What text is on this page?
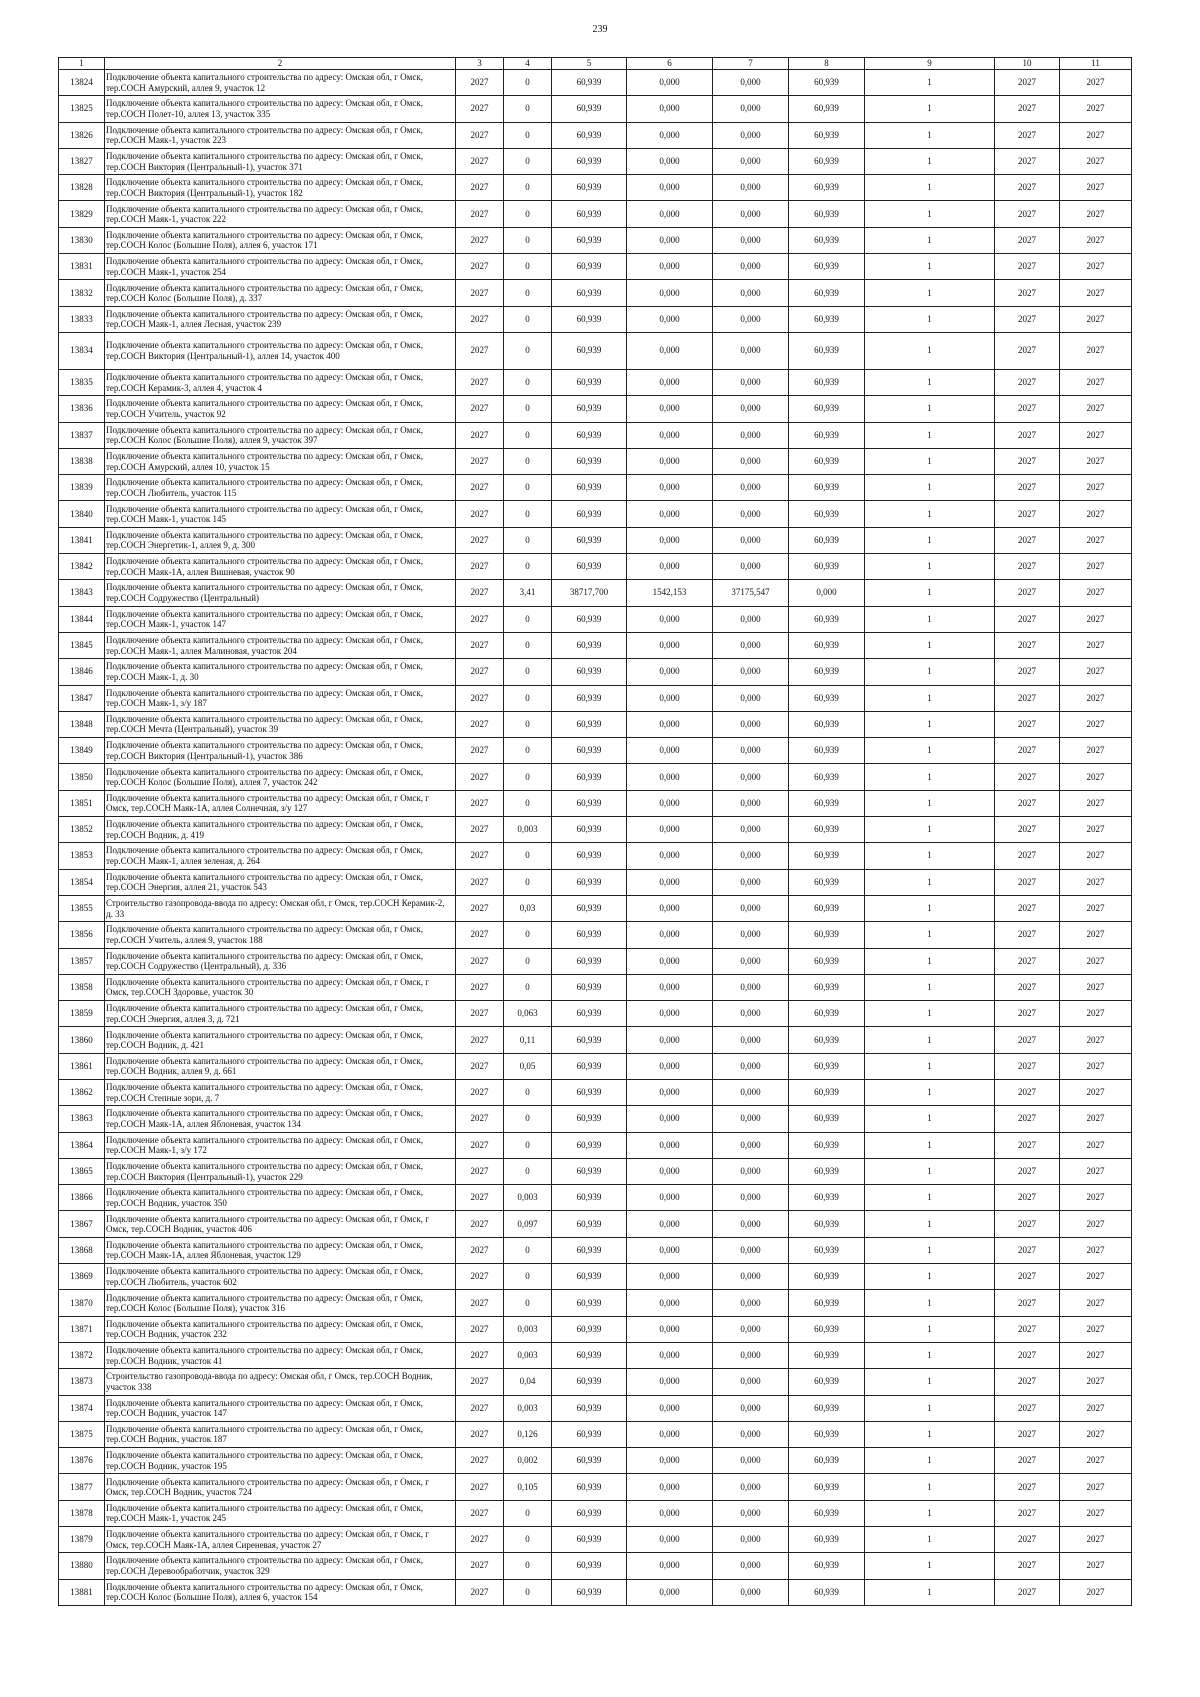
239
1	2	3	4	5	6	7	8	9	10	11
13824	Подключение объекта капитального строительства по адресу: Омская обл, г Омск, тер.СОСН Амурский, аллея 9, участок 12	2027	0	60,939	0,000	0,000	60,939	1	2027	2027
13825	Подключение объекта капитального строительства по адресу: Омская обл, г Омск, тер.СОСН Полет-10, аллея 13, участок 335	2027	0	60,939	0,000	0,000	60,939	1	2027	2027
13826	Подключение объекта капитального строительства по адресу: Омская обл, г Омск, тер.СОСН Маяк-1, участок 223	2027	0	60,939	0,000	0,000	60,939	1	2027	2027
13827	Подключение объекта капитального строительства по адресу: Омская обл, г Омск, тер.СОСН Виктория (Центральный-1), участок 371	2027	0	60,939	0,000	0,000	60,939	1	2027	2027
13828	Подключение объекта капитального строительства по адресу: Омская обл, г Омск, тер.СОСН Виктория (Центральный-1), участок 182	2027	0	60,939	0,000	0,000	60,939	1	2027	2027
13829	Подключение объекта капитального строительства по адресу: Омская обл, г Омск, тер.СОСН Маяк-1, участок 222	2027	0	60,939	0,000	0,000	60,939	1	2027	2027
13830	Подключение объекта капитального строительства по адресу: Омская обл, г Омск, тер.СОСН Колос (Большие Поля), аллея 6, участок 171	2027	0	60,939	0,000	0,000	60,939	1	2027	2027
13831	Подключение объекта капитального строительства по адресу: Омская обл, г Омск, тер.СОСН Маяк-1, участок 254	2027	0	60,939	0,000	0,000	60,939	1	2027	2027
13832	Подключение объекта капитального строительства по адресу: Омская обл, г Омск, тер.СОСН Колос (Большие Поля), д. 337	2027	0	60,939	0,000	0,000	60,939	1	2027	2027
13833	Подключение объекта капитального строительства по адресу: Омская обл, г Омск, тер.СОСН Маяк-1, аллея Лесная, участок 239	2027	0	60,939	0,000	0,000	60,939	1	2027	2027
13834	Подключение объекта капитального строительства по адресу: Омская обл, г Омск, тер.СОСН Виктория (Центральный-1), аллея 14, участок 400	2027	0	60,939	0,000	0,000	60,939	1	2027	2027
13835	Подключение объекта капитального строительства по адресу: Омская обл, г Омск, тер.СОСН Керамик-3, аллея 4, участок 4	2027	0	60,939	0,000	0,000	60,939	1	2027	2027
13836	Подключение объекта капитального строительства по адресу: Омская обл, г Омск, тер.СОСН Учитель, участок 92	2027	0	60,939	0,000	0,000	60,939	1	2027	2027
13837	Подключение объекта капитального строительства по адресу: Омская обл, г Омск, тер.СОСН Колос (Большие Поля), аллея 9, участок 397	2027	0	60,939	0,000	0,000	60,939	1	2027	2027
13838	Подключение объекта капитального строительства по адресу: Омская обл, г Омск, тер.СОСН Амурский, аллея 10, участок 15	2027	0	60,939	0,000	0,000	60,939	1	2027	2027
13839	Подключение объекта капитального строительства по адресу: Омская обл, г Омск, тер.СОСН Любитель, участок 115	2027	0	60,939	0,000	0,000	60,939	1	2027	2027
13840	Подключение объекта капитального строительства по адресу: Омская обл, г Омск, тер.СОСН Маяк-1, участок 145	2027	0	60,939	0,000	0,000	60,939	1	2027	2027
13841	Подключение объекта капитального строительства по адресу: Омская обл, г Омск, тер.СОСН Энергетик-1, аллея 9, д. 300	2027	0	60,939	0,000	0,000	60,939	1	2027	2027
13842	Подключение объекта капитального строительства по адресу: Омская обл, г Омск, тер.СОСН Маяк-1А, аллея Вишневая, участок 90	2027	0	60,939	0,000	0,000	60,939	1	2027	2027
13843	Подключение объекта капитального строительства по адресу: Омская обл, г Омск, тер.СОСН Содружество (Центральный)	2027	3,41	38717,700	1542,153	37175,547	0,000	1	2027	2027
13844	Подключение объекта капитального строительства по адресу: Омская обл, г Омск, тер.СОСН Маяк-1, участок 147	2027	0	60,939	0,000	0,000	60,939	1	2027	2027
13845	Подключение объекта капитального строительства по адресу: Омская обл, г Омск, тер.СОСН Маяк-1, аллея Малиновая, участок 204	2027	0	60,939	0,000	0,000	60,939	1	2027	2027
13846	Подключение объекта капитального строительства по адресу: Омская обл, г Омск, тер.СОСН Маяк-1, д. 30	2027	0	60,939	0,000	0,000	60,939	1	2027	2027
13847	Подключение объекта капитального строительства по адресу: Омская обл, г Омск, тер.СОСН Маяк-1, з/у 187	2027	0	60,939	0,000	0,000	60,939	1	2027	2027
13848	Подключение объекта капитального строительства по адресу: Омская обл, г Омск, тер.СОСН Мечта (Центральный), участок 39	2027	0	60,939	0,000	0,000	60,939	1	2027	2027
13849	Подключение объекта капитального строительства по адресу: Омская обл, г Омск, тер.СОСН Виктория (Центральный-1), участок 386	2027	0	60,939	0,000	0,000	60,939	1	2027	2027
13850	Подключение объекта капитального строительства по адресу: Омская обл, г Омск, тер.СОСН Колос (Большие Поля), аллея 7, участок 242	2027	0	60,939	0,000	0,000	60,939	1	2027	2027
13851	Подключение объекта капитального строительства по адресу: Омская обл, г Омск, г Омск, тер.СОСН Маяк-1А, аллея Солнечная, з/у 127	2027	0	60,939	0,000	0,000	60,939	1	2027	2027
13852	Подключение объекта капитального строительства по адресу: Омская обл, г Омск, тер.СОСН Водник, д. 419	2027	0,003	60,939	0,000	0,000	60,939	1	2027	2027
13853	Подключение объекта капитального строительства по адресу: Омская обл, г Омск, тер.СОСН Маяк-1, аллея зеленая, д. 264	2027	0	60,939	0,000	0,000	60,939	1	2027	2027
13854	Подключение объекта капитального строительства по адресу: Омская обл, г Омск, тер.СОСН Энергия, аллея 21, участок 543	2027	0	60,939	0,000	0,000	60,939	1	2027	2027
13855	Строительство газопровода-ввода по адресу: Омская обл, г Омск, тер.СОСН Керамик-2, д. 33	2027	0,03	60,939	0,000	0,000	60,939	1	2027	2027
13856	Подключение объекта капитального строительства по адресу: Омская обл, г Омск, тер.СОСН Учитель, аллея 9, участок 188	2027	0	60,939	0,000	0,000	60,939	1	2027	2027
13857	Подключение объекта капитального строительства по адресу: Омская обл, г Омск, тер.СОСН Содружество (Центральный), д. 336	2027	0	60,939	0,000	0,000	60,939	1	2027	2027
13858	Подключение объекта капитального строительства по адресу: Омская обл, г Омск, г Омск, тер.СОСН Здоровье, участок 30	2027	0	60,939	0,000	0,000	60,939	1	2027	2027
13859	Подключение объекта капитального строительства по адресу: Омская обл, г Омск, тер.СОСН Энергия, аллея 3, д. 721	2027	0,063	60,939	0,000	0,000	60,939	1	2027	2027
13860	Подключение объекта капитального строительства по адресу: Омская обл, г Омск, тер.СОСН Водник, д. 421	2027	0,11	60,939	0,000	0,000	60,939	1	2027	2027
13861	Подключение объекта капитального строительства по адресу: Омская обл, г Омск, тер.СОСН Водник, аллея 9, д. 661	2027	0,05	60,939	0,000	0,000	60,939	1	2027	2027
13862	Подключение объекта капитального строительства по адресу: Омская обл, г Омск, тер.СОСН Степные зори, д. 7	2027	0	60,939	0,000	0,000	60,939	1	2027	2027
13863	Подключение объекта капитального строительства по адресу: Омская обл, г Омск, тер.СОСН Маяк-1А, аллея Яблоневая, участок 134	2027	0	60,939	0,000	0,000	60,939	1	2027	2027
13864	Подключение объекта капитального строительства по адресу: Омская обл, г Омск, тер.СОСН Маяк-1, з/у 172	2027	0	60,939	0,000	0,000	60,939	1	2027	2027
13865	Подключение объекта капитального строительства по адресу: Омская обл, г Омск, тер.СОСН Виктория (Центральный-1), участок 229	2027	0	60,939	0,000	0,000	60,939	1	2027	2027
13866	Подключение объекта капитального строительства по адресу: Омская обл, г Омск, тер.СОСН Водник, участок 350	2027	0,003	60,939	0,000	0,000	60,939	1	2027	2027
13867	Подключение объекта капитального строительства по адресу: Омская обл, г Омск, г Омск, тер.СОСН Водник, участок 406	2027	0,097	60,939	0,000	0,000	60,939	1	2027	2027
13868	Подключение объекта капитального строительства по адресу: Омская обл, г Омск, тер.СОСН Маяк-1А, аллея Яблоневая, участок 129	2027	0	60,939	0,000	0,000	60,939	1	2027	2027
13869	Подключение объекта капитального строительства по адресу: Омская обл, г Омск, тер.СОСН Любитель, участок 602	2027	0	60,939	0,000	0,000	60,939	1	2027	2027
13870	Подключение объекта капитального строительства по адресу: Омская обл, г Омск, тер.СОСН Колос (Большие Поля), участок 316	2027	0	60,939	0,000	0,000	60,939	1	2027	2027
13871	Подключение объекта капитального строительства по адресу: Омская обл, г Омск, тер.СОСН Водник, участок 232	2027	0,003	60,939	0,000	0,000	60,939	1	2027	2027
13872	Подключение объекта капитального строительства по адресу: Омская обл, г Омск, тер.СОСН Водник, участок 41	2027	0,003	60,939	0,000	0,000	60,939	1	2027	2027
13873	Строительство газопровода-ввода по адресу: Омская обл, г Омск, тер.СОСН Водник, участок 338	2027	0,04	60,939	0,000	0,000	60,939	1	2027	2027
13874	Подключение объекта капитального строительства по адресу: Омская обл, г Омск, тер.СОСН Водник, участок 147	2027	0,003	60,939	0,000	0,000	60,939	1	2027	2027
13875	Подключение объекта капитального строительства по адресу: Омская обл, г Омск, тер.СОСН Водник, участок 187	2027	0,126	60,939	0,000	0,000	60,939	1	2027	2027
13876	Подключение объекта капитального строительства по адресу: Омская обл, г Омск, тер.СОСН Водник, участок 195	2027	0,002	60,939	0,000	0,000	60,939	1	2027	2027
13877	Подключение объекта капитального строительства по адресу: Омская обл, г Омск, г Омск, тер.СОСН Водник, участок 724	2027	0,105	60,939	0,000	0,000	60,939	1	2027	2027
13878	Подключение объекта капитального строительства по адресу: Омская обл, г Омск, тер.СОСН Маяк-1, участок 245	2027	0	60,939	0,000	0,000	60,939	1	2027	2027
13879	Подключение объекта капитального строительства по адресу: Омская обл, г Омск, г Омск, тер.СОСН Маяк-1А, аллея Сиреневая, участок 27	2027	0	60,939	0,000	0,000	60,939	1	2027	2027
13880	Подключение объекта капитального строительства по адресу: Омская обл, г Омск, тер.СОСН Деревообработчик, участок 329	2027	0	60,939	0,000	0,000	60,939	1	2027	2027
13881	Подключение объекта капитального строительства по адресу: Омская обл, г Омск, тер.СОСН Колос (Большие Поля), аллея 6, участок 154	2027	0	60,939	0,000	0,000	60,939	1	2027	2027
